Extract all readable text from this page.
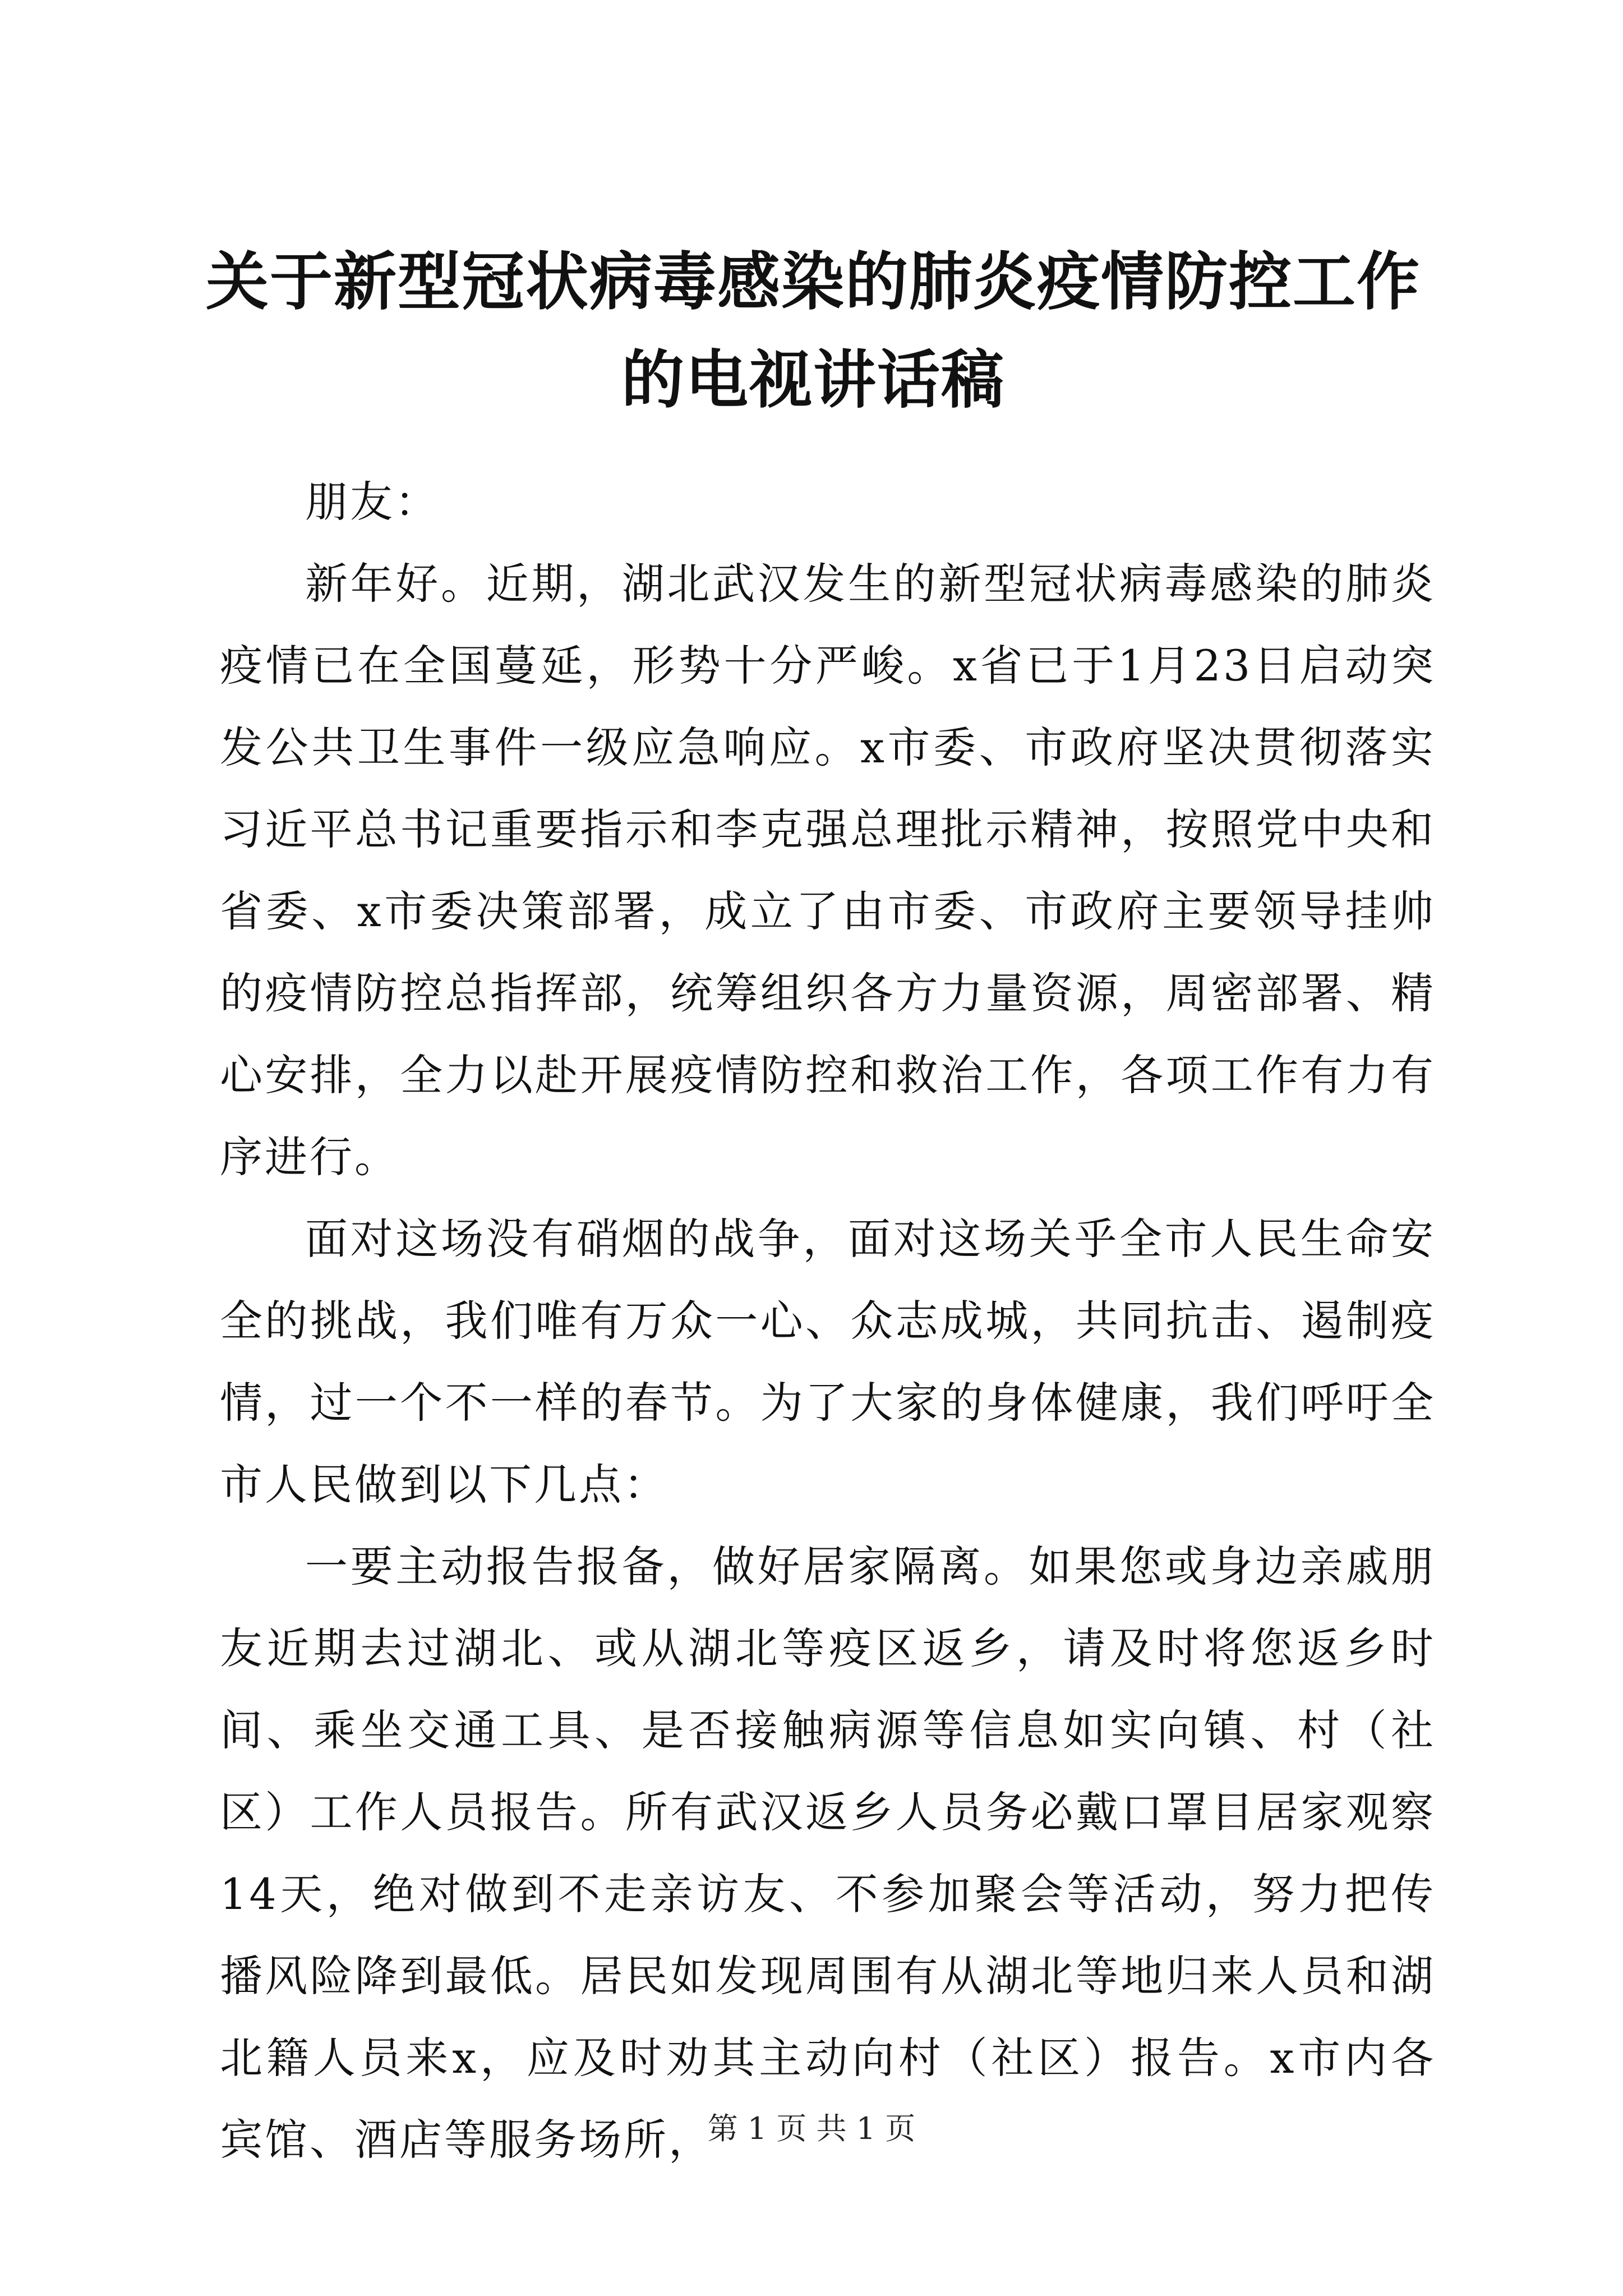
关于新型冠状病毒感染的肺炎疫情防控工作的电视讲话稿

朋友：

新年好。近期，湖北武汉发生的新型冠状病毒感染的肺炎疫情已在全国蔓延，形势十分严峻。x省已于1月23日启动突发公共卫生事件一级应急响应。x市委、市政府坚决贯彻落实习近平总书记重要指示和李克强总理批示精神，按照党中央和省委、x市委决策部署，成立了由市委、市政府主要领导挂帅的疫情防控总指挥部，统筹组织各方力量资源，周密部署、精心安排，全力以赴开展疫情防控和救治工作，各项工作有力有序进行。

面对这场没有硝烟的战争，面对这场关乎全市人民生命安全的挑战，我们唯有万众一心、众志成城，共同抗击、遏制疫情，过一个不一样的春节。为了大家的身体健康，我们呼吁全市人民做到以下几点：

一要主动报告报备，做好居家隔离。如果您或身边亲戚朋友近期去过湖北、或从湖北等疫区返乡，请及时将您返乡时间、乘坐交通工具、是否接触病源等信息如实向镇、村（社区）工作人员报告。所有武汉返乡人员务必戴口罩目居家观察14天，绝对做到不走亲访友、不参加聚会等活动，努力把传播风险降到最低。居民如发现周围有从湖北等地归来人员和湖北籍人员来x，应及时劝其主动向村（社区）报告。x市内各宾馆、酒店等服务场所，

第 1 页 共 1 页
